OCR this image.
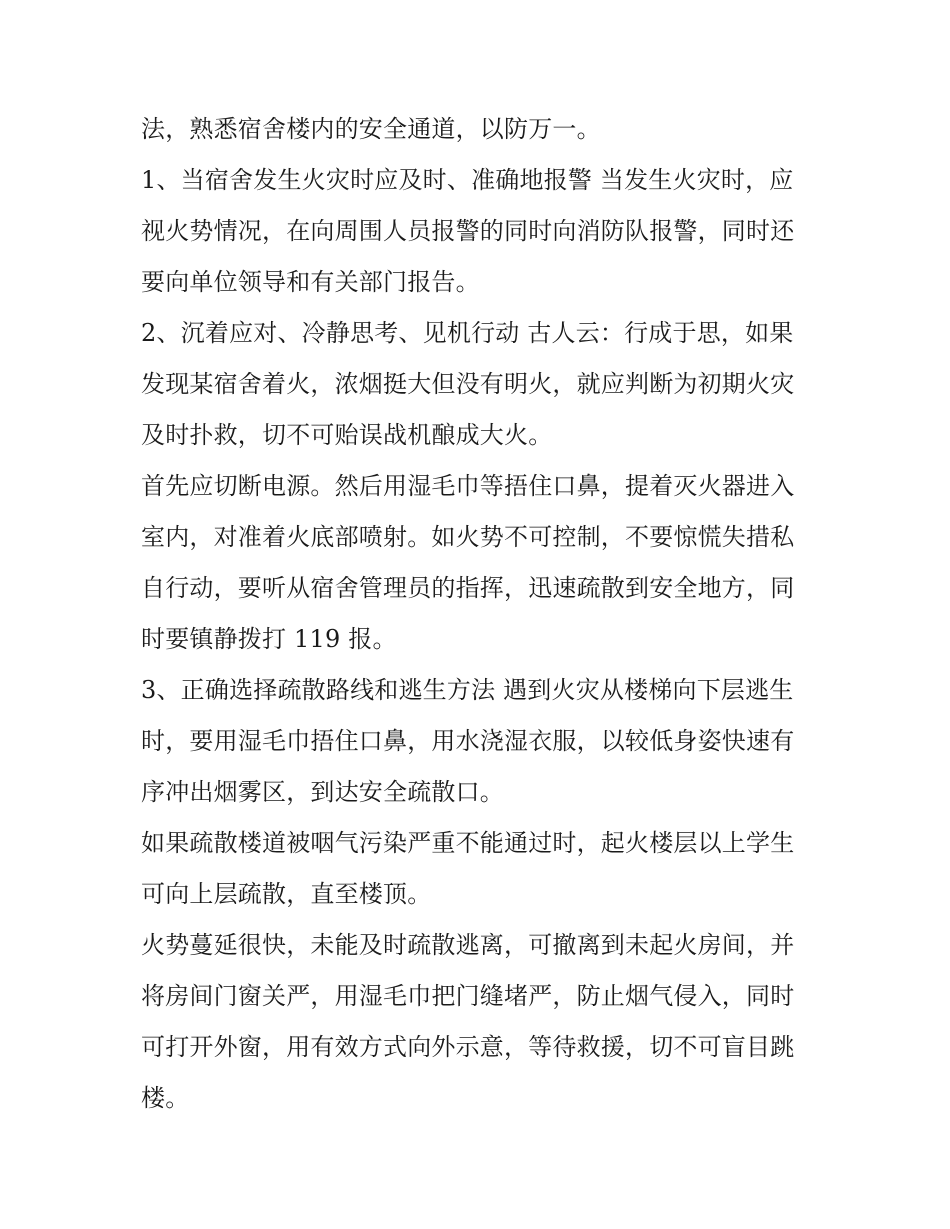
法，熟悉宿舍楼内的安全通道，以防万一。
1、当宿舍发生火灾时应及时、准确地报警 当发生火灾时，应
视火势情况，在向周围人员报警的同时向消防队报警，同时还
要向单位领导和有关部门报告。
2、沉着应对、冷静思考、见机行动 古人云：行成于思，如果
发现某宿舍着火，浓烟挺大但没有明火，就应判断为初期火灾
及时扑救，切不可贻误战机酿成大火。
首先应切断电源。然后用湿毛巾等捂住口鼻，提着灭火器进入
室内，对准着火底部喷射。如火势不可控制，不要惊慌失措私
自行动，要听从宿舍管理员的指挥，迅速疏散到安全地方，同
时要镇静拨打 119 报。
3、正确选择疏散路线和逃生方法 遇到火灾从楼梯向下层逃生
时，要用湿毛巾捂住口鼻，用水浇湿衣服，以较低身姿快速有
序冲出烟雾区，到达安全疏散口。
如果疏散楼道被咽气污染严重不能通过时，起火楼层以上学生
可向上层疏散，直至楼顶。
火势蔓延很快，未能及时疏散逃离，可撤离到未起火房间，并
将房间门窗关严，用湿毛巾把门缝堵严，防止烟气侵入，同时
可打开外窗，用有效方式向外示意，等待救援，切不可盲目跳
楼。
